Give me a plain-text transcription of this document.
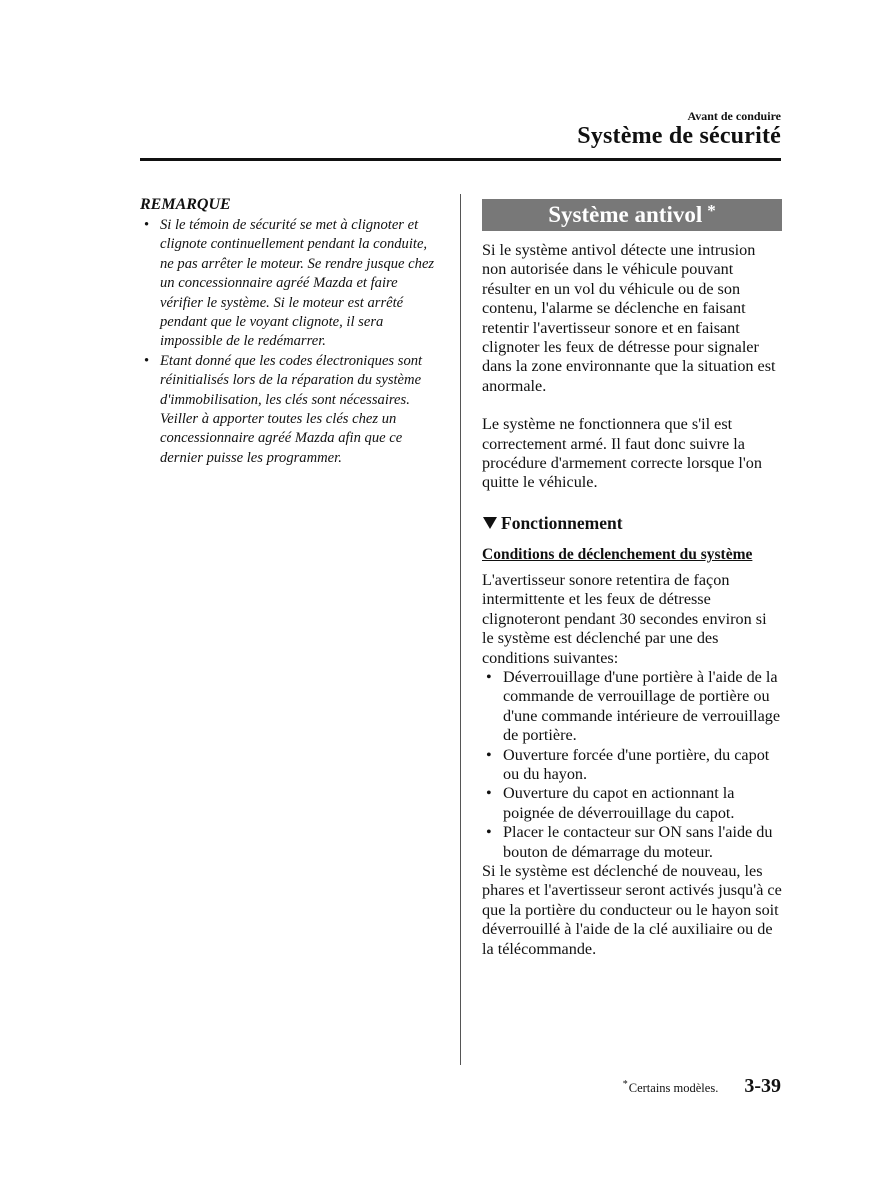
Avant de conduire
Système de sécurité
REMARQUE
• Si le témoin de sécurité se met à clignoter et clignote continuellement pendant la conduite, ne pas arrêter le moteur. Se rendre jusque chez un concessionnaire agréé Mazda et faire vérifier le système. Si le moteur est arrêté pendant que le voyant clignote, il sera impossible de le redémarrer.
• Etant donné que les codes électroniques sont réinitialisés lors de la réparation du système d'immobilisation, les clés sont nécessaires. Veiller à apporter toutes les clés chez un concessionnaire agréé Mazda afin que ce dernier puisse les programmer.
Système antivol *

Si le système antivol détecte une intrusion non autorisée dans le véhicule pouvant résulter en un vol du véhicule ou de son contenu, l'alarme se déclenche en faisant retentir l'avertisseur sonore et en faisant clignoter les feux de détresse pour signaler dans la zone environnante que la situation est anormale.

Le système ne fonctionnera que s'il est correctement armé. Il faut donc suivre la procédure d'armement correcte lorsque l'on quitte le véhicule.

Fonctionnement
Conditions de déclenchement du système

L'avertisseur sonore retentira de façon intermittente et les feux de détresse clignoteront pendant 30 secondes environ si le système est déclenché par une des conditions suivantes:

• Déverrouillage d'une portière à l'aide de la commande de verrouillage de portière ou d'une commande intérieure de verrouillage de portière.
• Ouverture forcée d'une portière, du capot ou du hayon.
• Ouverture du capot en actionnant la poignée de déverrouillage du capot.
• Placer le contacteur sur ON sans l'aide du bouton de démarrage du moteur.

Si le système est déclenché de nouveau, les phares et l'avertisseur seront activés jusqu'à ce que la portière du conducteur ou le hayon soit déverrouillé à l'aide de la clé auxiliaire ou de la télécommande.

*Certains modèles. 3-39
